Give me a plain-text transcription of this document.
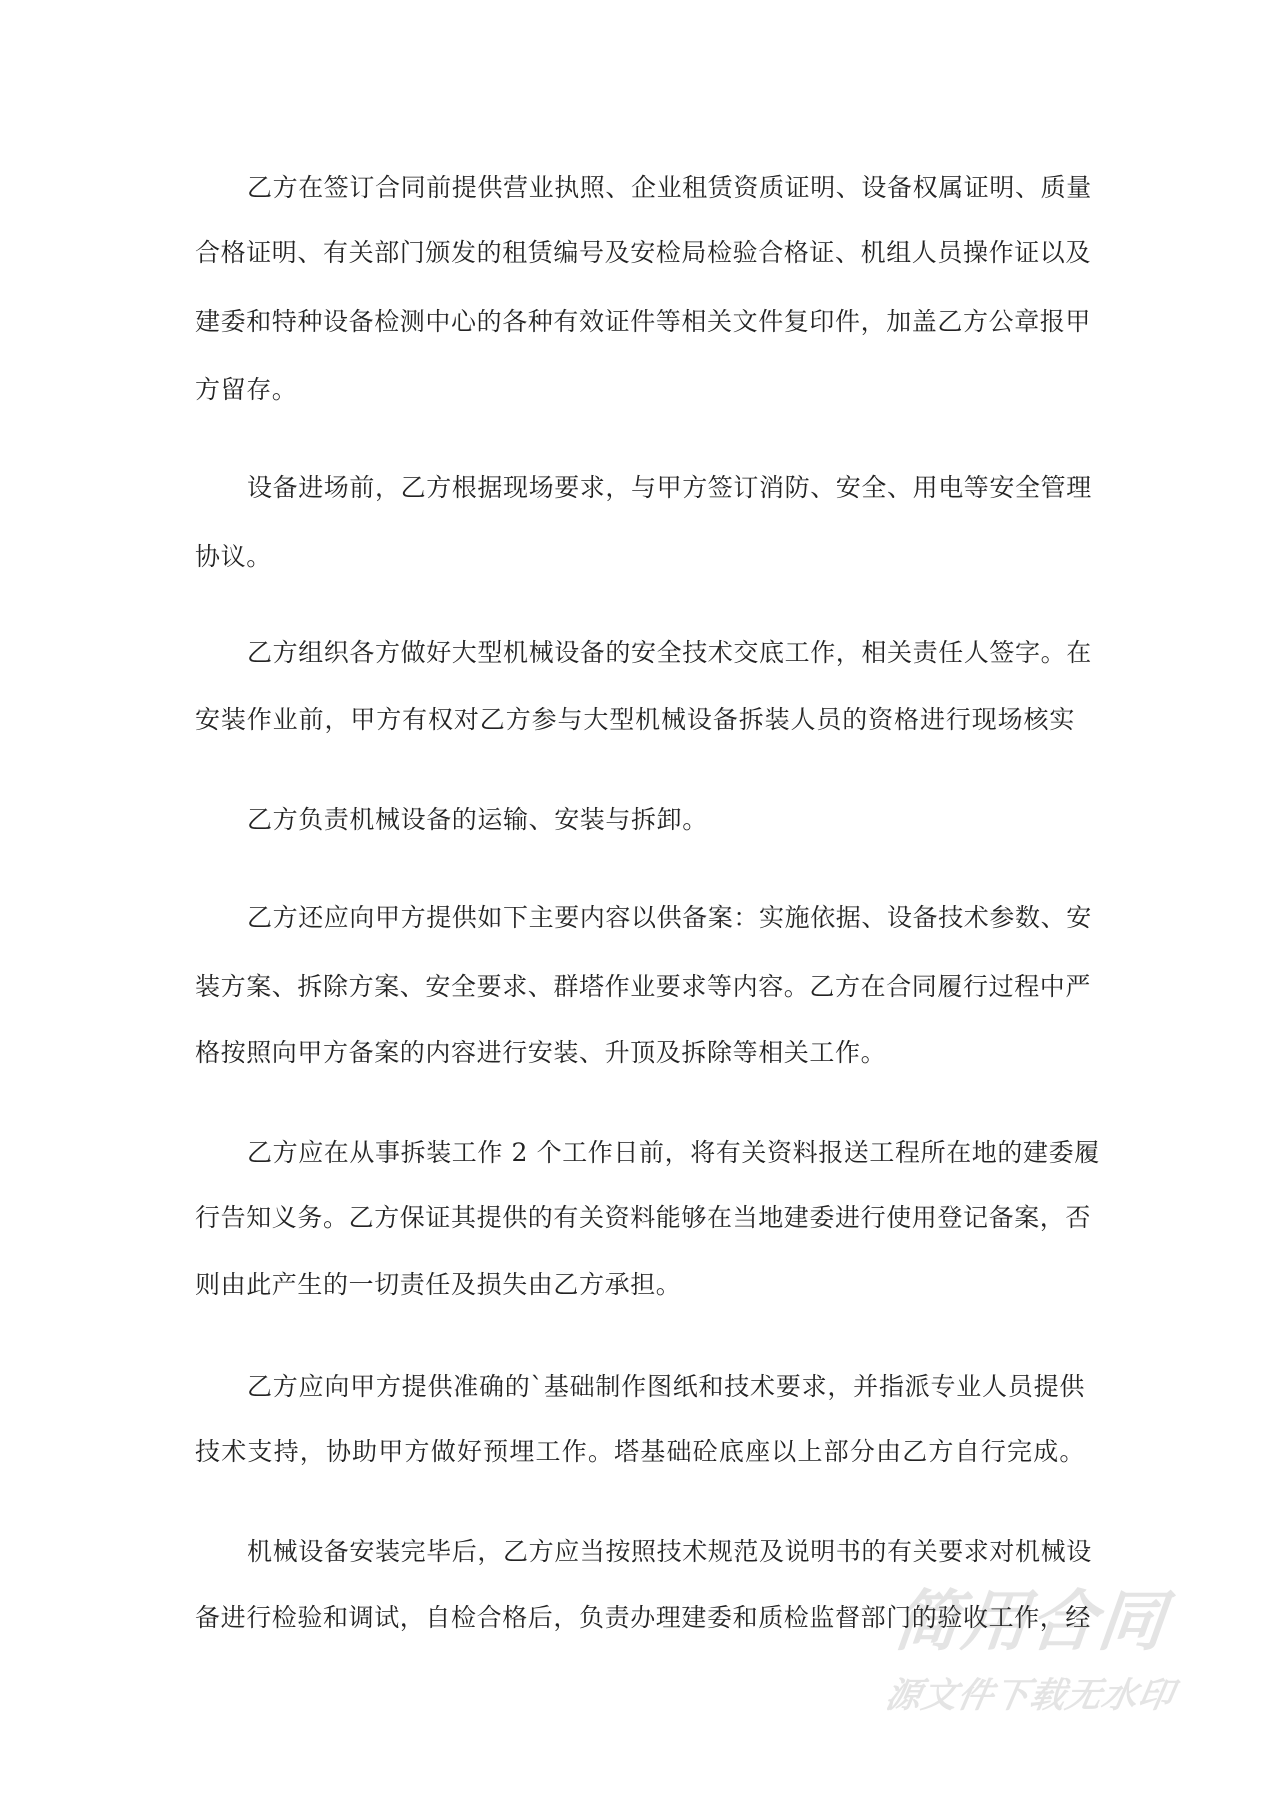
简用合同
源文件下载无水印
乙方在签订合同前提供营业执照、企业租赁资质证明、设备权属证明、质量
合格证明、有关部门颁发的租赁编号及安检局检验合格证、机组人员操作证以及
建委和特种设备检测中心的各种有效证件等相关文件复印件，加盖乙方公章报甲
方留存。
设备进场前，乙方根据现场要求，与甲方签订消防、安全、用电等安全管理
协议。
乙方组织各方做好大型机械设备的安全技术交底工作，相关责任人签字。在
安装作业前，甲方有权对乙方参与大型机械设备拆装人员的资格进行现场核实
乙方负责机械设备的运输、安装与拆卸。
乙方还应向甲方提供如下主要内容以供备案：实施依据、设备技术参数、安
装方案、拆除方案、安全要求、群塔作业要求等内容。乙方在合同履行过程中严
格按照向甲方备案的内容进行安装、升顶及拆除等相关工作。
乙方应在从事拆装工作 2 个工作日前，将有关资料报送工程所在地的建委履
行告知义务。乙方保证其提供的有关资料能够在当地建委进行使用登记备案，否
则由此产生的一切责任及损失由乙方承担。
乙方应向甲方提供准确的`基础制作图纸和技术要求，并指派专业人员提供
技术支持，协助甲方做好预埋工作。塔基础砼底座以上部分由乙方自行完成。
机械设备安装完毕后，乙方应当按照技术规范及说明书的有关要求对机械设
备进行检验和调试，自检合格后，负责办理建委和质检监督部门的验收工作，经
